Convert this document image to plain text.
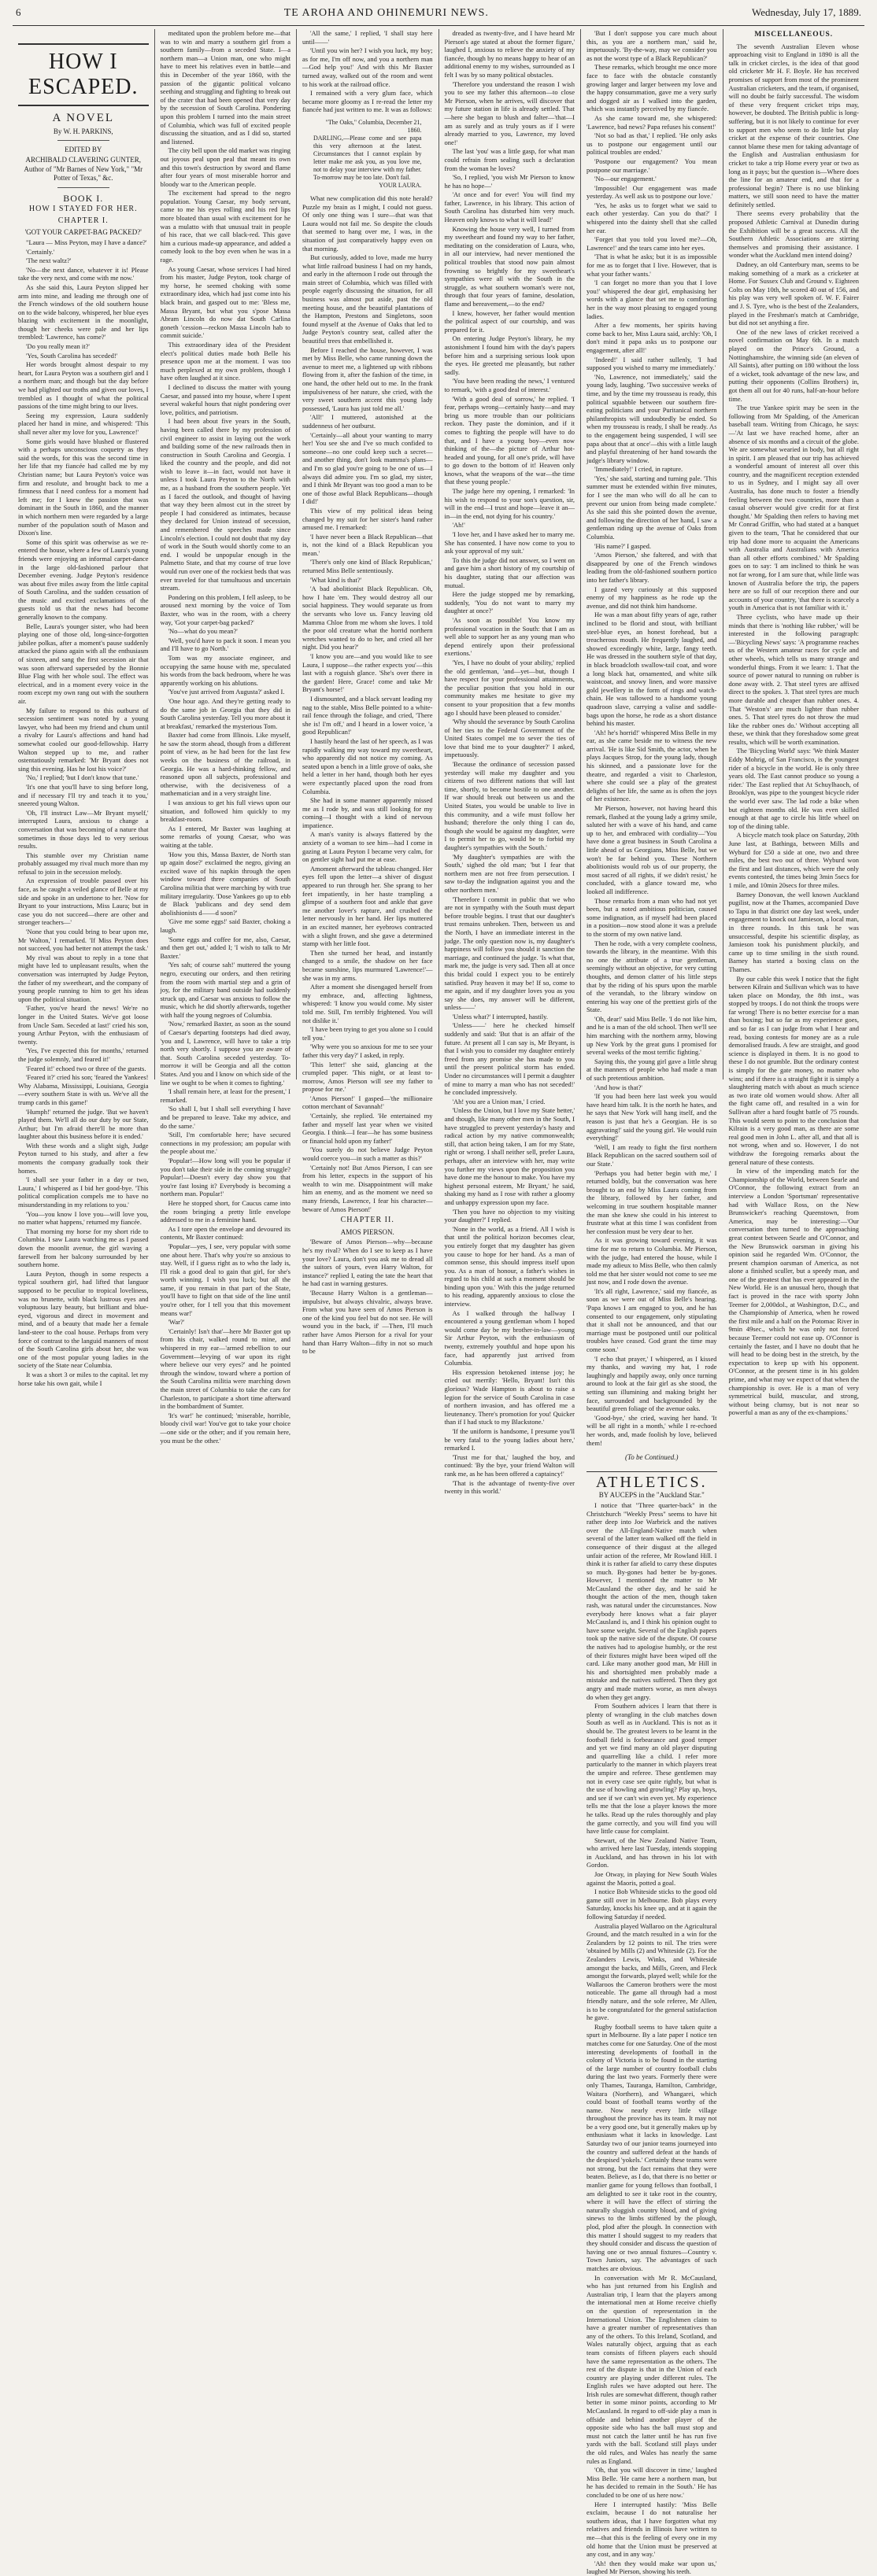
6	TE AROHA AND OHINEMURI NEWS.	Wednesday, July 17, 1889.
HOW I ESCAPED.
A NOVEL
By W. H. PARKINS,
EDITED BY
ARCHIBALD CLAVERING GUNTER,
Author of "Mr Barnes of New York," "Mr Potter of Texas," &c.
BOOK I.
HOW I STAYED FOR HER.
CHAPTER I.
'GOT YOUR CARPET-BAG PACKED?'

"Laura — Miss Peyton, may I have a dance?'

'Certainly.'

'The next waltz?'

'No—the next dance, whatever it is! Please take the very next, and come with me now.'

As she said this, Laura Peyton slipped her arm into mine, and leading me through one of the French windows of the old southern house on to the wide balcony, whispered, her blue eyes blazing with excitement in the moonlight, though her cheeks were pale and her lips trembled: 'Lawrence, has come?'

'Do you really mean it?'

'Yes, South Carolina has seceded!'

Her words brought almost despair to my heart, for Laura Peyton was a southern girl and I a northern man; and though but the day before we had plighted our troths and given our loves, I trembled as I thought of what the political passions of the time might bring to our lives.

Seeing my expression, Laura suddenly placed her hand in mine, and whispered: 'This shall never alter my love for you, Lawrence!'

Some girls would have blushed or flustered with a perhaps unconscious coquetry as they said the words, for this was the second time in her life that my fiancée had called me by my Christian name; but Laura Peyton's voice was firm and resolute, and brought back to me a firmness that I need confess for a moment had left me; for I knew the passion that was dominant in the South in 1860, and the manner in which northern men were regarded by a large number of the population south of Mason and Dixon's line.

Some of this spirit was otherwise as we re-entered the house, where a few of Laura's young friends were enjoying an informal carpet-dance in the large old-fashioned parlour that December evening. Judge Peyton's residence was about five miles away from the little capital of South Carolina, and the sudden cessation of the music and excited exclamations of the guests told us that the news had become generally known to the company.

Belle, Laura's younger sister, who had been playing one of those old, long-since-forgotten jubilee polkas, after a moment's pause suddenly attacked the piano again with all the enthusiasm of sixteen, and sang the first secession air that was soon afterward superseded by the Bonnie Blue Flag with her whole soul. The effect was electrical, and in a moment every voice in the room except my own rang out with the southern air.

My failure to respond to this outburst of secession sentiment was noted by a young lawyer, who had been my friend and chum until a rivalry for Laura's affections and hand had somewhat cooled our good-fellowship. Harry Walton stepped up to me, and rather ostentatiously remarked: 'Mr Bryant does not sing this evening. Has he lost his voice?'

'No,' I replied; 'but I don't know that tune.'

'It's one that you'll have to sing before long, and if necessary I'll try and teach it to you,' sneered young Walton.

'Oh, I'll instruct Law—Mr Bryant myself,' interrupted Laura, anxious to change a conversation that was becoming of a nature that sometimes in those days led to very serious results.

This stumble over my Christian name probably assuaged my rival much more than my refusal to join in the secession melody.

An expression of trouble passed over his face, as he caught a veiled glance of Belle at my side and spoke in an undertone to her. 'Now for Bryant to your instructions, Miss Laura; but in case you do not succeed—there are other and stronger teachers—'

'None that you could bring to bear upon me, Mr Walton,' I remarked. 'If Miss Peyton does not succeed, you had better not attempt the task.'

My rival was about to reply in a tone that might have led to unpleasant results, when the conversation was interrupted by Judge Peyton, the father of my sweetheart, and the company of young people running to him to get his ideas upon the political situation.

'Father, you've heard the news! We're no longer in the United States. We've got loose from Uncle Sam. Seceded at last!' cried his son, young Arthur Peyton, with the enthusiasm of twenty.

'Yes, I've expected this for months,' returned the judge solemnly, 'and feared it!'

'Feared it!' echoed two or three of the guests.

'Feared it?' cried his son; 'feared the Yankees! Why Alabama, Mississippi, Louisiana, Georgia—every southern State is with us. We've all the trump cards in this game!'

'Humph!' returned the judge. 'But we haven't played them. We'll all do our duty by our State, Arthur; but I'm afraid there'll be more than laughter about this business before it is ended.'

With these words and a slight sigh, Judge Peyton turned to his study, and after a few moments the company gradually took their homes.

'I shall see your father in a day or two, Laura,' I whispered as I bid her good-bye. 'This political complication compels me to have no misunderstanding in my relations to you.'

'You—you know I love you—will love you, no matter what happens,' returned my fiancée.

That morning my horse for my short ride to Columbia. I saw Laura watching me as I passed down the moonlit avenue, the girl waving a farewell from her balcony surrounded by her southern home.

Laura Peyton, though in some respects a typical southern girl, had lifted that languor supposed to be peculiar to tropical loveliness, was no brunette, with black lustrous eyes and voluptuous lazy beauty, but brilliant and blue-eyed, vigorous and direct in movement and mind, and of a beauty that made her a female land-steer to the coal house. Perhaps from very force of contrast to the languid manners of most of the South Carolina girls about her, she was one of the most popular young ladies in the society of the State near Columbia.

It was a short 3 or miles to the capital. let my horse take his own gait, while I

meditated upon the problem before me—that was to win and marry a southern girl from a southern family—from a seceded State. I—a northern man—a Union man, one who might have to meet his relatives even in battle—and this in December of the year 1860, with the passion of the gigantic political volcano seething and struggling and fighting to break out of the crater that had been opened that very day by the secession of South Carolina. Pondering upon this problem I turned into the main street of Columbia, which was full of excited people discussing the situation, and as I did so, started and listened.

The city bell upon the old market was ringing out joyous peal upon peal that meant its own and this town's destruction by sword and flame after four years of most miserable horror and bloody war to the American people.

The excitement had spread to the negro population. Young Caesar, my body servant, came to me his eyes rolling and his red lips more bloated than usual with excitement for he was a mulatto with that unusual trait in people of his race, that we call black-red. This gave him a curious made-up appearance, and added a comedy look to the boy even when he was in a rage.

As young Caesar, whose services I had hired from his master, Judge Peyton, took charge of my horse, he seemed choking with some extraordinary idea, which had just come into his black brain, and gasped out to me: 'Bless me, Massa Bryant, but what you s'pose Massa Abram Lincoln do now dat South Carlina goneth 'cession—reckon Massa Lincoln hab to commit suicide.'

This extraordinary idea of the President elect's political duties made both Belle his presence upon me at the moment. I was too much perplexed at my own problem, though I have often laughed at it since.

I declined to discuss the matter with young Caesar, and passed into my house, where I spent several wakeful hours that night pondering over love, politics, and patriotism.

I had been about five years in the South, having been called there by my profession of civil engineer to assist in laying out the work and building some of the new railroads then in construction in South Carolina and Georgia. I liked the country and the people, and did not wish to leave it—in fact, would not have it unless I took Laura Peyton to the North with me, as a husband from the southern people. Yet as I faced the outlook, and thought of having that way they been almost cut in the street by people I had considered as intimates, because they declared for Union instead of secession, and remembered the speeches made since Lincoln's election. I could not doubt that my day of work in the South would shortly come to an end. I would be unpopular enough in the Palmetto State, and that my course of true love would run over one of the rockiest beds that was ever traveled for that tumultuous and uncertain stream.

Pondering on this problem, I fell asleep, to be aroused next morning by the voice of Tom Baxter, who was in the room, with a cheery way, 'Got your carpet-bag packed?'

'No—what do you mean?'

'Well, you'd have to pack it soon. I mean you and I'll have to go North.'

Tom was my associate engineer, and occupying the same house with me, speculated his words from the back bedroom, where he was apparently working on his ablutions.

'You've just arrived from Augusta?' asked I.

'One hour ago. And they're getting ready to do the same job in Georgia that they did in South Carolina yesterday. Tell you more about it at breakfast,' remarked the mysterious Tom.

Baxter had come from Illinois. Like myself, he saw the storm ahead, though from a different point of view, as he had been for the last few weeks on the business of the railroad, in Georgia. He was a hard-thinking fellow, and reasoned upon all subjects, professional and otherwise, with the decisiveness of a mathematician and in a very straight line.

I was anxious to get his full views upon our situation, and followed him quickly to my breakfast-room.

As I entered, Mr Baxter was laughing at some remarks of young Caesar, who was waiting at the table.

'How you this, Massa Baxter, de North stan up again dose?' exclaimed the negro, giving an excited wave of his napkin through the open window toward three companies of South Carolina militia that were marching by with true military irregularity. 'Dose Yankees go up to ebb de Black 'publicans and dey send dem abolishionists d——d soon?'

'Give me some eggs!' said Baxter, choking a laugh.

'Some eggs and coffee for me, also, Caesar, and then get out,' added I; 'I wish to talk to Mr Baxter.'

'Yes sah; of course sah!' muttered the young negro, executing our orders, and then retiring from the room with martial step and a grin of joy, for the military band outside had suddenly struck up, and Caesar was anxious to follow the music, which he did shortly afterwards, together with half the young negroes of Columbia.

'Now,' remarked Baxter, as soon as the sound of Caesar's departing footsteps had died away, 'you and I, Lawrence, will have to take a trip north very shortly. I suppose you are aware of that. South Carolina seceded yesterday. To-morrow it will be Georgia and all the cotton States. And you and I know on which side of the line we ought to be when it comes to fighting.'

'I shall remain here, at least for the present,' I remarked.

'So shall I, but I shall sell everything I have and be prepared to leave. Take my advice, and do the same.'

'Still, I'm comfortable here; have secured connections in my profession; am popular with the people about me.'

'Popular!—How long will you be popular if you don't take their side in the coming struggle? Popular!—Doesn't every day show you that you're fast losing it? Everybody is becoming a northern man. Popular!'

Here he stopped short, for Caucus came into the room bringing a pretty little envelope addressed to me in a feminine hand.

As I tore open the envelope and devoured its contents, Mr Baxter continued:

'Popular—yes, I see, very popular with some one about here. That's why you're so anxious to stay. Well, if I guess right as to who the lady is, I'll risk a good deal to gain that girl, for she's worth winning. I wish you luck; but all the same, if you remain in that part of the State, you'll have to fight on that side of the line until you're other, for I tell you that this movement means war!'

'War?'

'Certainly! Isn't that'—here Mr Baxter got up from his chair, walked round to mine, and whispered in my ear—'armed rebellion to our Government—levying of war upon its right where believe our very eyes?' and he pointed through the window, toward where a portion of the South Carolina militia were marching down the main street of Columbia to take the cars for Charleston, to participate a short time afterward in the bombardment of Sumter.

'It's war!' he continued; 'miserable, horrible, bloody civil war! You've got to take your choice—one side or the other; and if you remain here, you must be the other.'

'All the same,' I replied, 'I shall stay here until——'

'Until you win her? I wish you luck, my boy; as for me, I'm off now, and you a northern man—God help you!' And with this Mr Baxter turned away, walked out of the room and went to his work at the railroad office.

I remained with a very glum face, which became more gloomy as I re-read the letter my fiancée had just written to me. It was as follows:

"The Oaks," Columbia, December 21, 1860.
DARLING,—Please come and see papa this very afternoon at the latest. Circumstances that I cannot explain by letter make me ask you, as you love me, not to delay your interview with my father. To-morrow may be too late. Don't fail.
YOUR LAURA.

What new complication did this note herald? Puzzle my brain as I might, I could not guess. Of only one thing was I sure—that was that Laura would not fail me. So despite the clouds that seemed to hang over me, I was, in the situation of just comparatively happy even on that morning.

But curiously, added to love, made me hurry what little railroad business I had on my hands, and early in the afternoon I rode out through the main street of Columbia, which was filled with people eagerly discussing the situation, for all business was almost put aside, past the old meeting house, and the beautiful plantations of the Hampton, Prestons and Singletons, soon found myself at the Avenue of Oaks that led to Judge Peyton's country seat, called after the beautiful trees that embellished it.

Before I reached the house, however, I was met by Miss Belle, who came running down the avenue to meet me, a lightened up with ribbons flowing from it, after the fashion of the time, in one hand, the other held out to me. In the frank impulsiveness of her nature, she cried, with the very sweet southern accent this young lady possessed, 'Laura has just told me all.'

'All!' I muttered, astonished at the suddenness of her outburst.

'Certainly—all about your wanting to marry her! You see she and I've so much confided to someone—no one could keep such a secret—and another thing, don't look mamma's plans—and I'm so glad you're going to be one of us—I always did admire you. I'm so glad, my sister, and I think Mr Bryant was too good a man to be one of those awful Black Republicans—though I did!'

This view of my political ideas being changed by my suit for her sister's hand rather amused me. I remarked:

'I have never been a Black Republican—that is, not the kind of a Black Republican you mean.'

'There's only one kind of Black Republican,' returned Miss Belle sententiously.

'What kind is that?'

'A bad abolitionist Black Republican. Oh, how I hate 'em. They would destroy all our social happiness. They would separate us from the servants who love us. Fancy leaving old Mamma Chloe from me whom she loves. I told the poor old creature what the horrid northern wretches wanted to do to her, and cried all her night. Did you hear?'

'I know you are—and you would like to see Laura, I suppose—the rather expects you'—this last with a roguish glance. 'She's over there in the garden! Here, Grace! come and take Mr Bryant's horse!'

I dismounted, and a black servant leading my nag to the stable, Miss Belle pointed to a white-rail fence through the foliage, and cried, 'There she is! I'm off,' and I heard in a lower voice, 'a good Republican!'

I hastily heard the last of her speech, as I was rapidly walking my way toward my sweetheart, who apparently did not notice my coming. As seated upon a bench in a little grove of oaks, she held a letter in her hand, though both her eyes were expectantly placed upon the road from Columbia.

She had in some manner apparently missed me as I rode by, and was still looking for my coming—I thought with a kind of nervous impatience.

A man's vanity is always flattered by the anxiety of a woman to see him—had I come in gazing at Laura Peyton I became very calm, for on gentler sight had put me at ease.

Amoment afterward the tableau changed. Her eyes fell upon the letter—a shiver of disgust appeared to run through her. She sprang to her feet impatiently, in her haste trampling a glimpse of a southern foot and ankle that gave me another lover's rapture, and crushed the letter nervously in her hand. Her lips muttered in an excited manner, her eyebrows contracted with a slight frown, and she gave a determined stamp with her little foot.

Then she turned her head, and instantly changed to a smile, the shadow on her face became sunshine, lips murmured 'Lawrence!'—she was in my arms.

After a moment she disengaged herself from my embrace, and, affecting lightness, whispered: 'I know you would come. My sister told me. Still, I'm terribly frightened. You will not dislike it.'

'I have been trying to get you alone so I could tell you.'

'Why were you so anxious for me to see your father this very day?' I asked, in reply.

'This letter!' she said, glancing at the crumpled paper. 'This night, or at least to-morrow, Amos Pierson will see my father to propose for me.'

'Amos Pierson!' I gasped—'the millionaire cotton merchant of Savannah!'

'Certainly, she replied. 'He entertained my father and myself last year when we visited Georgia. I think—I fear—he has some business or financial hold upon my father!'

'You surely do not believe Judge Peyton would coerce you—in such a matter as this?'

'Certainly not! But Amos Pierson, I can see from his letter, expects in the support of his wealth to win me. Disappointment will make him an enemy, and as the moment we need so many friends, Lawrence, I fear his character—beware of Amos Pierson!'

CHAPTER II.
AMOS PIERSON.

'Beware of Amos Pierson—why—because he's my rival? When do I see to keep as I have your love? Laura, don't you ask me to dread all the suitors of yours, even Harry Walton, for instance?' replied I, eating the tate the heart that he had cast in warning gestures.

'Because Harry Walton is a gentleman—impulsive, but always chivalric, always brave. From what you have seen of Amos Pierson is one of the kind you feel but do not see. He will wound you in the back, if' —Then, I'll much rather have Amos Pierson for a rival for your hand than Harry Walton—fifty in not so much to be

dreaded as twenty-five, and I have heard Mr Pierson's age stated at about the former figure,' laughed I, anxious to relieve the anxiety of my fiancée, though by no means happy to hear of an additional enemy to my wishes, surrounded as I felt I was by so many political obstacles.

'Therefore you understand the reason I wish you to see my father this afternoon—to close Mr Pierson, when he arrives, will discover that my future station in life is already settled. That—here she began to blush and falter—'that—I am as surely and as truly yours as if I were already married to you, Lawrence, my loved one!'

The last 'you' was a little gasp, for what man could refrain from sealing such a declaration from the woman he loves?

'So, I replied, 'you wish Mr Pierson to know he has no hope—'

'At once and for ever! You will find my father, Lawrence, in his library. This action of South Carolina has disturbed him very much. Heaven only knows to what it will lead!'

Knowing the house very well, I turned from my sweetheart and found my way to her father, meditating on the consideration of Laura, who, in all our interview, had never mentioned the political troubles that stood now pain almost frowning so brightly for my sweetheart's sympathies were all with the South in the struggle, as what southern woman's were not, through that four years of famine, desolation, flame and bereavement,—to the end?

I knew, however, her father would mention the political aspect of our courtship, and was prepared for it.

On entering Judge Peyton's library, he my astonishment I found him with the day's papers before him and a surprising serious look upon the eyes. He greeted me pleasantly, but rather sadly.

'You have been reading the news,' I ventured to remark, 'with a good deal of interest.'

'With a good deal of sorrow,' he replied. 'I fear, perhaps wrong—certainly hasty—and may bring us more trouble than our politicians reckon. They paste the dominion, and if it comes to fighting the people will have to do that, and I have a young boy—even now thinking of the—the picture of Arthur hot-headed and young, for all one's pride, will have to go down to the bottom of it! Heaven only knows, what the weapons of the war—the time that these young people.'

The judge here my opening, I remarked: 'In his wish to respond to your son's question, sir, will in the end—I trust and hope—leave it an—in—in the end, not dying for his country.'

'Ah!'

'I love her, and I have asked her to marry me. She has consented. I have now come to you to ask your approval of my suit.'

To this the judge did not answer, so I went on and gave him a short history of my courtship of his daughter, stating that our affection was mutual.

Here the judge stopped me by remarking, suddenly, 'You do not want to marry my daughter at once?'

'As soon as possible! You know my professional vocation in the South: that I am as well able to support her as any young man who depend entirely upon their professional exertions.'

'Yes, I have no doubt of your ability,' replied the old gentleman, 'and—yet—but, though I have respect for your professional attainments, the peculiar position that you hold in our community makes me hesitate to give my consent to your proposition that a few months ago I should have been pleased to consider.'

'Why should the severance by South Carolina of her ties to the Federal Government of the United States compel me to sever the ties of love that bind me to your daughter?' I asked, impetuously.

'Because the ordinance of secession passed yesterday will make my daughter and you citizens of two different nations that will last time, shortly, to become hostile to one another. If war should break out between us and the United States, you would be unable to live in this community, and a wife must follow her husband; therefore the only thing I can do, though she would be against my daughter, were I to permit her to go, would be to forbid my daughter's sympathies with the South.'

'My daughter's sympathies are with the South,' sighed the old man; 'but I fear that northern men are not free from persecution. I saw to-day the indignation against you and the other northern men.'

'Therefore I commit in public that we who are not in sympathy with the South must depart before trouble begins. I trust that our daughter's trust remains unbroken. Then, between us and the North, I have an immediate interest in the judge. The only question now is, my daughter's happiness will follow you should it sanction the marriage, and continued the judge. 'Is what that, mark me, the judge is very sad. Then all at once this bridal could I expect you to be entirely satisfied. Pray heaven it may be! If so, come to me again, and if my daughter loves you as you say she does, my answer will be different, unless——'

'Unless what?' I interrupted, hastily.

'Unless——' here he checked himself suddenly and said: 'But that is an affair of the future. At present all I can say is, Mr Bryant, is that I wish you to consider my daughter entirely freed from any promise she has made to you until the present political storm has ended. Under no circumstances will I permit a daughter of mine to marry a man who has not seceded!' he concluded impressively.

'Ah! you are a Union man,' I cried.

'Unless the Union, but I love my State better,' and though, like many other men in the South, I have struggled to prevent yesterday's hasty and radical action by my native commonwealth; still, that action being taken, I am for my State, right or wrong. I shall neither sell, prefer Laura, perhaps, after an interview with her, may write you further my views upon the proposition you have done me the honour to make. You have my highest personal esteem, Mr Bryant,' he said, shaking my hand as I rose with rather a gloomy and unhappy expression upon my face.

'Then you have no objection to my visiting your daughter?' I replied.

'None in the world, as a friend. All I wish is that until the political horizon becomes clear, you entirely forget that my daughter has given you cause to hope for her hand. As a man of common sense, this should impress itself upon you. As a man of honour, a father's wishes in regard to his child at such a moment should be binding upon you.' With this the judge returned to his reading, apparently anxious to close the interview.

As I walked through the hallway I encountered a young gentleman whom I hoped would come day be my brother-in-law—young Sir Arthur Peyton, with the enthusiasm of twenty, extremely youthful and hope upon his face, had apparently just arrived from Columbia.

His expression betokened intense joy; he cried out merrily: 'Hello, Bryant! Isn't this glorious? Wade Hampton is about to raise a legion for the service of South Carolina in case of northern invasion, and has offered me a lieutenancy. There's promotion for you! Quicker than if I had stuck to my Blackstone.'

'If the uniform is handsome, I presume you'll be very fatal to the young ladies about here,' remarked I.

'Trust me for that,' laughed the boy, and continued: 'By the bye, your friend Walton will rank me, as he has been offered a captaincy!'

'That is the advantage of twenty-five over twenty in this world.'

'But I don't suppose you care much about this, as you are a northern man,' said he, impetuously. 'By-the-way, may we consider you as not the worst type of a Black Republican?'

These remarks, which brought me once more face to face with the obstacle constantly growing larger and larger between my love and the happy consummation, gave me a very surly and dogged air as I walked into the garden, which was instantly perceived by my fiancée.

As she came toward me, she whispered: 'Lawrence, bad news? Papa refuses his consent!'

'Not so bad as that,' I replied. 'He only asks us to postpone our engagement until our political troubles are ended.'

'Postpone our engagement? You mean postpone our marriage.'

'No—our engagement.'

'Impossible! Our engagement was made yesterday. As well ask us to postpone our love.'

'Yes, he asks us to forget what we said to each other yesterday. Can you do that?' I whispered into the dainty shell that she called her ear.

'Forget that you told you loved me?—Oh, Lawrence!' and the tears came into her eyes.

'That is what he asks; but it is as impossible for me as to forget that I live. However, that is what your father wants.'

'I can forget no more than you that I love you!' whispered the dear girl, emphasising her words with a glance that set me to comforting her in the way most pleasing to engaged young ladies.

After a few moments, her spirits having come back to her, Miss Laura said, archly: 'Oh, I don't mind it papa asks us to postpone our engagement, after all!'

'Indeed!' I said rather sullenly, 'I had supposed you wished to marry me immediately.'

'No, Lawrence, not immediately,' said the young lady, laughing. 'Two successive weeks of time, and by the time my trousseau is ready, this political squabble between our southern fire-eating politicians and your Puritanical northern philanthropists will undoubtedly be ended. So when my trousseau is ready, I shall be ready. As to the engagement being suspended, I will see papa about that at once'—this with a little laugh and playful threatening of her hand towards the judge's library window.

'Immediately!' I cried, in rapture.

'Yes,' she said, starting and turning pale. 'This summer must be extended within five minutes, for I see the man who will do all he can to prevent our union from being made complete.' As she said this she pointed down the avenue, and following the direction of her hand, I saw a gentleman riding up the avenue of Oaks from Columbia.

'His name?' I gasped.

'Amos Pierson,' she faltered, and with that disappeared by one of the French windows leading from the old-fashioned southern portico into her father's library.

I gazed very curiously at this supposed enemy of my happiness as he rode up the avenue, and did not think him handsome.

He was a man about fifty years of age, rather inclined to be florid and stout, with brilliant steel-blue eyes, an honest forehead, but a treacherous mouth. He frequently laughed, and showed exceedingly white, large, fangy teeth. He was dressed in the southern style of that day, in black broadcloth swallow-tail coat, and wore a long black hat, ornamented, and white silk waistcoat, and snowy linen, and wore massive gold jewellery in the form of rings and watch-chain. He was tallowed to a handsome young quadroon slave, carrying a valise and saddle-bags upon the horse, he rode as a short distance behind his master.

'Ah! he's horrid!' whispered Miss Belle in my ear, as she came beside me to witness the new arrival. 'He is like Sid Smith, the actor, when he plays Jacques Strop, for the young lady, though his skinned, and a passionate love for the theatre, and regarded a visit to Charleston, where she could see a play of the greatest delights of her life, the same as is often the joys of her existence.

Mr Pierson, however, not having heard this remark, flashed at the young lady a grimy smile, saluted her with a wave of his hand, and came up to her, and embraced with cordiality—'You have done a great business in South Carolina a little ahead of us Georgians, Miss Belle, but we won't be far behind you. These Northern abolitionists would rob us of our property, the most sacred of all rights, if we didn't resist,' he concluded, with a glance toward me, who looked all indifference.

Those remarks from a man who had not yet been, but a noted ambitious politician, caused some indignation, as if myself had been placed in a position—now stood alone it was a prelude to the storm of my own native land.

Then he rode, with a very complete coolness, towards the library, in the meantime. With this no one the attribute of a true gentleman, seemingly without an objective, for very cutting thoughts, and demon clatter of his little steps that by the riding of his spurs upon the marble of the verandah, to the library window on entering his way one of the prettiest girls of the State.

'Oh, dear!' said Miss Belle. 'I do not like him, and he is a man of the old school. Then we'll see him marching with the northern army, blowing up New York by the great guns I promised for several weeks of the most terrific fighting.'

Saying this, the young girl gave a little shrug at the manners of people who had made a man of such pretentious ambition.

'And how is that?'

'If you had been here last week you would have heard him talk. It is the north he hates, and he says that New York will hang itself, and the reason is just that he's a Georgian. He is so aggravating!' said the young girl. 'He would ruin everything!'

'Well, I am ready to fight the first northern Black Republican on the sacred southern soil of our State.'

'Perhaps you had better begin with me,' I returned boldly, but the conversation was here brought to an end by Miss Laura coming from the library, followed by her father, and welcoming in true southern hospitable manner the man she knew she could in his interest to frustrate what at this time I was confident from her confession must be very dear to her.

As it was growing toward evening, it was time for me to return to Columbia. Mr Pierson, with the judge, had entered the house, while I made my adieux to Miss Belle, who then calmly told me that her sister would not come to see me just now, and I rode down the avenue.

'It's all right, Lawrence,' said my fiancée, as soon as we were out of Miss Belle's hearing. 'Papa knows I am engaged to you, and he has consented to our engagement, only stipulating that it shall not be announced, and that our marriage must be postponed until our political troubles have ceased. God grant the time may come soon.'

'I echo that prayer,' I whispered, as I kissed my thanks, and waving my hat, I rode laughingly and happily away, only once turning around to look at the fair girl as she stood, the setting sun illumining and making bright her face, surrounded and backgrounded by the beautiful green foliage of the avenue oaks.

'Good-bye,' she cried, waving her hand. 'It will be all right in a month,' while I re-echoed her words, and, made foolish by love, believed them!

(To be Continued.)
ATHLETICS.
BY AUCEPS in the "Auckland Star."

I notice that "Three quarter-back" in the Christchurch "Weekly Press" seems to have hit rather deep into Joe Warbrick and the natives over the All-England-Native match when several of the latter team walked off the field in consequence of their disgust at the alleged unfair action of the referee, Mr Rowland Hill. I think it is rather far afield to carry these disputes so much. By-gones had better be by-gones. However, I mentioned the matter to Mr McCausland the other day, and he said he thought the action of the men, though taken rash, was natural under the circumstances. Now everybody here knows what a fair player McCausland is, and I think his opinion ought to have some weight. Several of the English papers took up the native side of the dispute. Of course the natives had to apologise humbly, or the rest of their fixtures might have been wiped off the card. Like many another good man, Mr Hill in his and shortsighted men probably made a mistake and the natives suffered. Then they got angry and made matters worse, as men always do when they get angry.

From Southern advices I learn that there is plenty of wrangling in the club matches down South as well as in Auckland. This is not as it should be. The greatest levers to be learnt in the football field is forbearance and good temper and yet we find many an old player disputing and quarrelling like a child. I refer more particularly to the manner in which players treat the umpire and referee. These gentlemen may not in every case see quite rightly, but what is the use of howling and growling? Play up, boys, and see if we can't win even yet. My experience tells me that the lose a player knows the more he talks. Read up the rules thoroughly and play the game correctly, and you will find you will have little cause for complaint.

Stewart, of the New Zealand Native Team, who arrived here last Tuesday, intends stopping in Auckland, and has thrown in his lot with Gordon.

Joe Otway, in playing for New South Wales against the Maoris, potted a goal.

I notice Bob Whiteside sticks to the good old game still over in Melbourne. Bob plays every Saturday, knocks his knee up, and at it again the following Saturday if needed.

Australia played Wallaroo on the Agricultural Ground, and the match resulted in a win for the Zealanders by 12 points to nil. The tries were 'obtained by Mills (2) and Whiteside (2). For the Zealanders Lewis, Winks, and Whiteside amongst the backs, and Mills, Green, and Fleck amongst the forwards, played well; while for the Wallaroos the Cameron brothers were the most noticeable. The game all through had a most friendly nature, and the sole referee, Mr Allen, is to be congratulated for the general satisfaction he gave.

Rugby football seems to have taken quite a spurt in Melbourne. By a late paper I notice ten matches come for one Saturday. One of the most interesting developments of football in the colony of Victoria is to be found in the starting of the large number of country football clubs during the last two years. Formerly there were only Thames, Tauranga, Hamilton, Cambridge, Waitara (Northern), and Whangarei, which could boast of football teams worthy of the name. Now nearly every little village throughout the province has its team. It may not be a very good one, but it generally makes up by enthusiasm what it lacks in knowledge. Last Saturday two of our junior teams journeyed into the country and suffered defeat at the hands of the despised 'yokels.' Certainly these teams were not strong, but the fact remains that they were beaten. Believe, as I do, that there is no better or manlier game for young fellows than football, I am delighted to see it take root in the country, where it will have the effect of stirring the naturally sluggish country blood, and of giving sinews to the limbs stiffened by the plough, plod, plod after the plough. In connection with this matter I should suggest to my readers that they should consider and discuss the question of having one or two annual fixtures—Country v. Town Juniors, say. The advantages of such matches are obvious.

In conversation with Mr R. McCausland, who has just returned from his English and Australian trip, I learn that the players among the international men at Home receive chiefly on the question of representation in the International Union. The Englishmen claim to have a greater number of representatives than any of the others. To this Ireland, Scotland, and Wales naturally object, arguing that as each team consists of fifteen players each should have the same representation as the others. The rest of the dispute is that in the Union of each country are playing under different rules. The English rules we have adopted out here. The Irish rules are somewhat different, though rather better in some minor points, according to Mr McCausland. In regard to off-side play a man is offside and behind another player of the opposite side who has the ball must stop and must not catch the latter until he has run five yards with the ball. Scotland still plays under the old rules, and Wales has nearly the same rules as England.

'Oh, that you will discover in time,' laughed Miss Belle. 'He came here a northern man, but he has decided to remain in the South.' He has concluded to be one of us here now.'

Here I interrupted hastily: 'Miss Belle exclaim, because I do not naturalise her southern ideas, that I have forgotten what my relatives and friends in Illinois have written to me—that this is the feeling of every one in my old home that the Union must be preserved at any cost, and in any way.'

'Ah! then they would make war upon us,' laughed Mr Pierson, showing his teeth.

MISCELLANEOUS.

The seventh Australian Eleven whose approaching visit to England in 1890 is all the talk in cricket circles, is the idea of that good old cricketer Mr H. F. Boyle. He has received promises of support from most of the prominent Australian cricketers, and the team, if organised, will no doubt be fairly successful. The wisdom of these very frequent cricket trips may, however, be doubted. The British public is long-suffering, but it is not likely to continue for ever to support men who seem to do little but play cricket at the expense of their countries. One cannot blame these men for taking advantage of the English and Australian enthusiasm for cricket to take a trip Home every year or two as long as it pays; but the question is—Where does the line for an amateur end, and that for a professional begin? There is no use blinking matters, we still soon need to have the matter definitely settled.

There seems every probability that the proposed Athletic Carnival at Dunedin during the Exhibition will be a great success. All the Southern Athletic Associations are stirring themselves and promising their assistance. I wonder what the Auckland men intend doing?

Dadney, an old Canterbury man, seems to be making something of a mark as a cricketer at Home. For Sussex Club and Ground v. Eighteen Colts on May 10th, he scored 40 out of 156, and his play was very well spoken of. W. F. Fairer and J. S. Tyre, who is the best of the Zealanders, played in the Freshman's match at Cambridge, but did not set anything a fire.

One of the new laws of cricket received a novel confirmation on May 6th. In a match played on the Prince's Ground, a Nottinghamshire, the winning side (an eleven of All Saints), after putting on 180 without the loss of a wicket, took advantage of the new law, and putting their opponents (Collins Brothers) in, got them all out for 40 runs, half-an-hour before time.

The true Yankee spirit may be seen in the following from Mr Spalding, of the American baseball team. Writing from Chicago, he says:—'At last we have reached home, after an absence of six months and a circuit of the globe. We are somewhat wearied in body, but all right in spirit. I am pleased that our trip has achieved a wonderful amount of interest all over this country, and the magnificent reception extended to us in Sydney, and I might say all over Australia, has done much to foster a friendly feeling between the two countries, more than a casual observer would give credit for at first thought.' Mr Spalding then refers to having met Mr Conrad Griffin, who had stated at a banquet given to the team, 'That he considered that our trip had done more to acquaint the Americans with Australia and Australians with America than all other efforts combined.' Mr Spalding goes on to say: 'I am inclined to think he was not far wrong, for I am sure that, while little was known of Australia before the trip, the papers here are so full of our reception there and our accounts of your country, 'that there is scarcely a youth in America that is not familiar with it.'

Three cyclists, who have made up their minds that there is 'nothing like rubber,' will be interested in the following paragraph:—'Bicycling News' says: 'A programme reaches us of the Western amateur races for cycle and other wheels, which tells us many strange and wonderful things. From it we learn: 1. That the source of power natural to running on rubber is done away with. 2. That steel tyres are affixed direct to the spokes. 3. That steel tyres are much more durable and cheaper than rubber ones. 4. That 'Weston's' are much lighter than rubber ones. 5. That steel tyres do not throw the mud like the rubber ones do.' Without accepting all these, we think that they foreshadow some great results, which will be worth examination.

The 'Bicycling World' says: 'We think Master Eddy Mohrig, of San Francisco, is the youngest rider of a bicycle in the world. He is only three years old. The East cannot produce so young a rider.' The East replied that At Schuylhaoch, of Brooklyn, was pipe to the youngest bicycle rider the world ever saw. The lad rode a bike when but eighteen months old. He was even skilled enough at that age to circle his little wheel on top of the dining table.

A bicycle match took place on Saturday, 20th June last, at Bathinga, between Mills and Wyburd for £50 a side at one, two and three miles, the best two out of three. Wyburd won the first and last distances, which were the only events contested, the times being 3min 5secs for 1 mile, and 10min 20secs for three miles.

Barney Donovan, the well known Auckland pugilist, now at the Thames, accompanied Dave to Tapu in that district one day last week, under engagement to knock out Jamieson, a local man, in three rounds. In this task he was unsuccessful, despite his scientific display, as Jamieson took his punishment pluckily, and came up to time smiling in the sixth round. Barney has started a boxing class on the Thames.

By our cable this week I notice that the fight between Kilrain and Sullivan which was to have taken place on Monday, the 8th inst., was stopped by troops. I do not think the troops were far wrong! There is no better exercise for a man than boxing; but so far as my experience goes, and so far as I can judge from what I hear and read, boxing contests for money are as a rule demoralised frauds. A few are straight, and good science is displayed in them. It is no good to these I do not grumble. But the ordinary contest is simply for the gate money, no matter who wins; and if there is a straight fight it is simply a slaughtering match with about as much science as two irate old women would show. After all the fight came off, and resulted in a win for Sullivan after a hard fought battle of 75 rounds. This would seem to point to the conclusion that Kilrain is a very good man, as there are some real good men in John L. after all, and that all is not wrong, when and so. However, I do not withdraw the foregoing remarks about the general nature of these contests.

In view of the impending match for the Championship of the World, between Searle and O'Connor, the following extract from an interview a London 'Sportsman' representative had with Wallace Ross, on the New Brunswicker's reaching Queenstown, from America, may be interesting:—'Our conversation then turned to the approaching great contest between Searle and O'Connor, and the New Brunswick oarsman in giving his opinion said he regarded Wm. O'Connor, the present champion oarsman of America, as not alone a finished sculler, but a speedy man, and one of the greatest that has ever appeared in the New World. He is an unusual hero, though that fact is proved in the race with sporty John Teemer for 2,000dol., at Washington, D.C., and the Championship of America, when he rowed the first mile and a half on the Potomac River in 9min 49sec., which he was only not forced because Teemer could not ease up. O'Connor is certainly the faster, and I have no doubt that he will head to be doing best in the stretch, by the expectation to keep up with his opponent. O'Connor, at the present time is in his golden prime, and what may we expect of that when the championship is over. He is a man of very symmetrical build, muscular, and strong, without being clumsy, but is not near so powerful a man as any of the ex-champions.'
